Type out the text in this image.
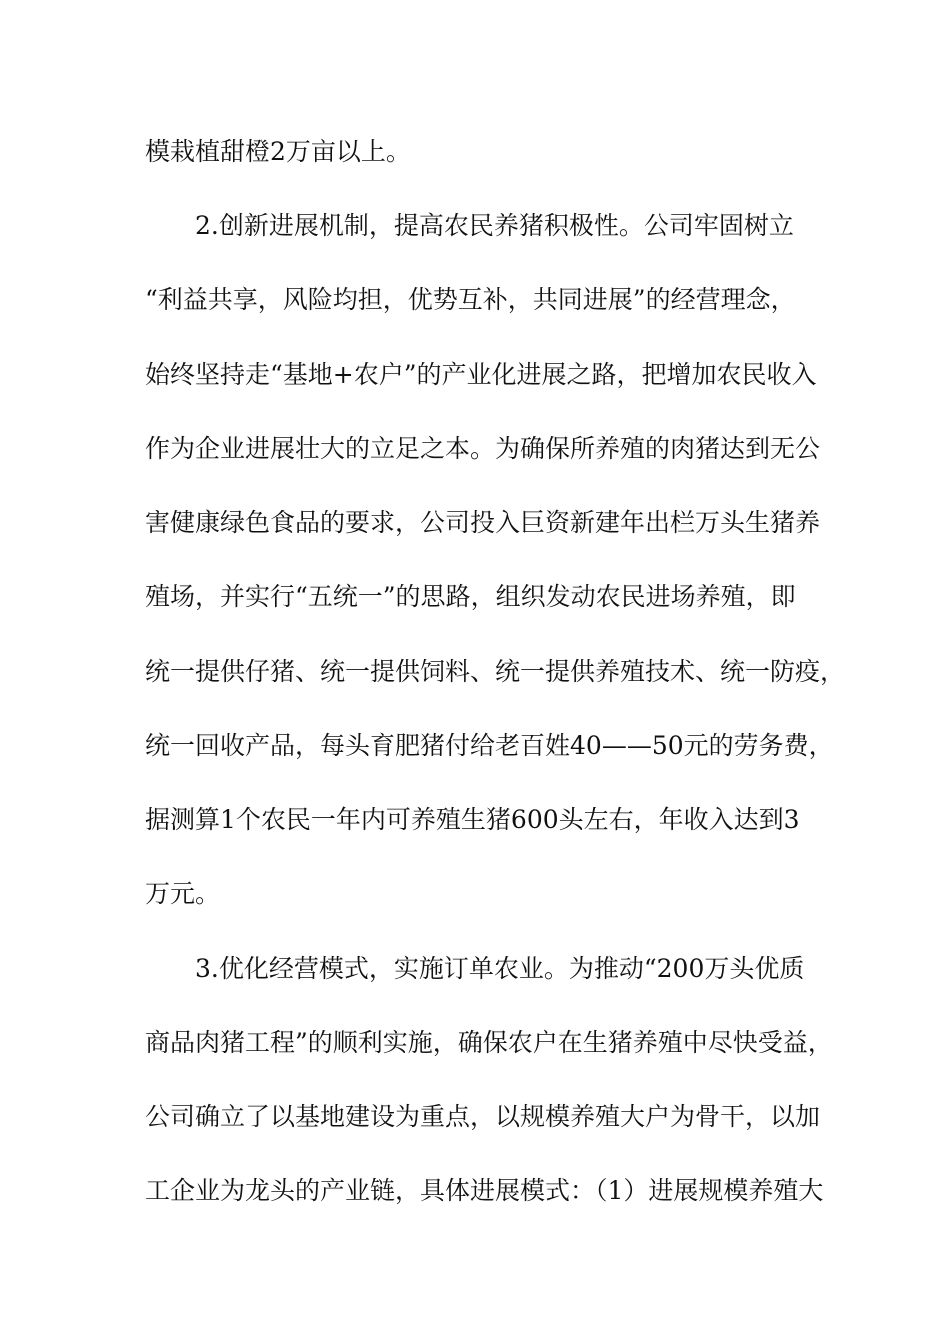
模栽植甜橙2万亩以上。
2.创新进展机制，提高农民养猪积极性。公司牢固树立
“利益共享，风险均担，优势互补，共同进展”的经营理念，
始终坚持走“基地+农户”的产业化进展之路，把增加农民收入
作为企业进展壮大的立足之本。为确保所养殖的肉猪达到无公
害健康绿色食品的要求，公司投入巨资新建年出栏万头生猪养
殖场，并实行“五统一”的思路，组织发动农民进场养殖，即
统一提供仔猪、统一提供饲料、统一提供养殖技术、统一防疫，
统一回收产品，每头育肥猪付给老百姓40——50元的劳务费，
据测算1个农民一年内可养殖生猪600头左右，年收入达到3
万元。
3.优化经营模式，实施订单农业。为推动“200万头优质
商品肉猪工程”的顺利实施，确保农户在生猪养殖中尽快受益，
公司确立了以基地建设为重点，以规模养殖大户为骨干，以加
工企业为龙头的产业链，具体进展模式：（1）进展规模养殖大
